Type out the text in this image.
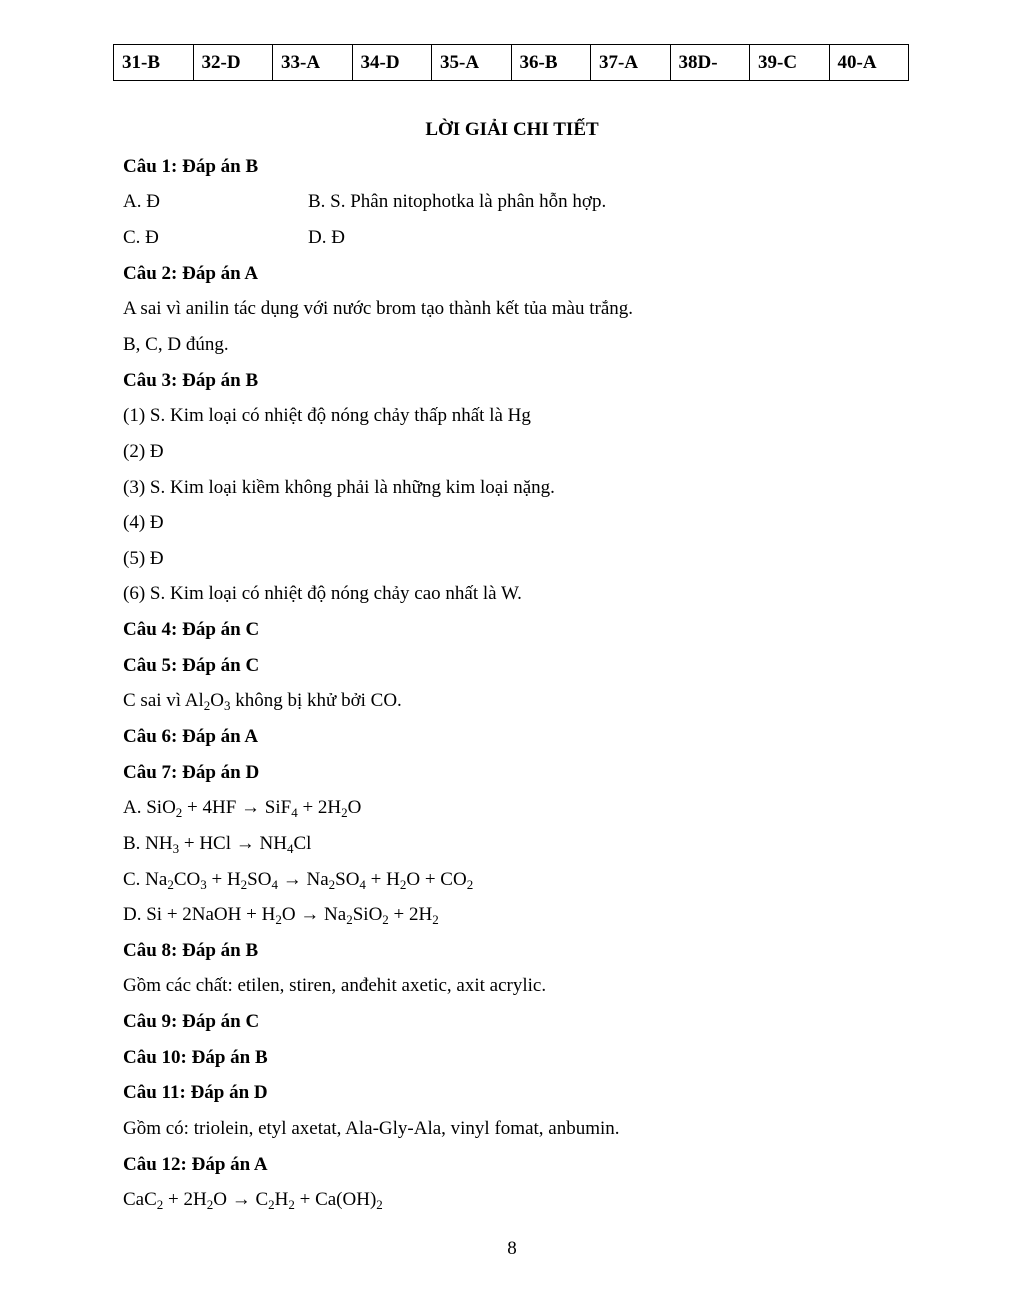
31-B	32-D	33-A	34-D	35-A	36-B	37-A	38D-	39-C	40-A
LỜI GIẢI CHI TIẾT
Câu 1: Đáp án B
A. Đ	B. S. Phân nitophotka là phân hỗn hợp.
C. Đ	D. Đ
Câu 2: Đáp án A
A sai vì anilin tác dụng với nước brom tạo thành kết tủa màu trắng.
B, C, D đúng.
Câu 3: Đáp án B
(1) S. Kim loại có nhiệt độ nóng chảy thấp nhất là Hg
(2) Đ
(3) S. Kim loại kiềm không phải là những kim loại nặng.
(4) Đ
(5) Đ
(6) S. Kim loại có nhiệt độ nóng chảy cao nhất là W.
Câu 4: Đáp án C
Câu 5: Đáp án C
C sai vì $Al_2O_3$ không bị khử bởi CO.
Câu 6: Đáp án A
Câu 7: Đáp án D
A. $SiO_2 + 4HF \to SiF_4 + 2H_2O$
B. $NH_3$ + HCl → $NH_4Cl$
C. $Na_2CO_3 + H_2SO_4 \to Na_2SO_4 + H_2O + CO_2$
D. Si + 2NaOH + $H_2O \to Na_2SiO_2 + 2H_2$
Câu 8: Đáp án B
Gồm các chất: etilen, stiren, anđehit axetic, axit acrylic.
Câu 9: Đáp án C
Câu 10: Đáp án B
Câu 11: Đáp án D
Gồm có: triolein, etyl axetat, Ala-Gly-Ala, vinyl fomat, anbumin.
Câu 12: Đáp án A
$CaC_2 + 2H_2O \to C_2H_2 + Ca(OH)_2$
8
